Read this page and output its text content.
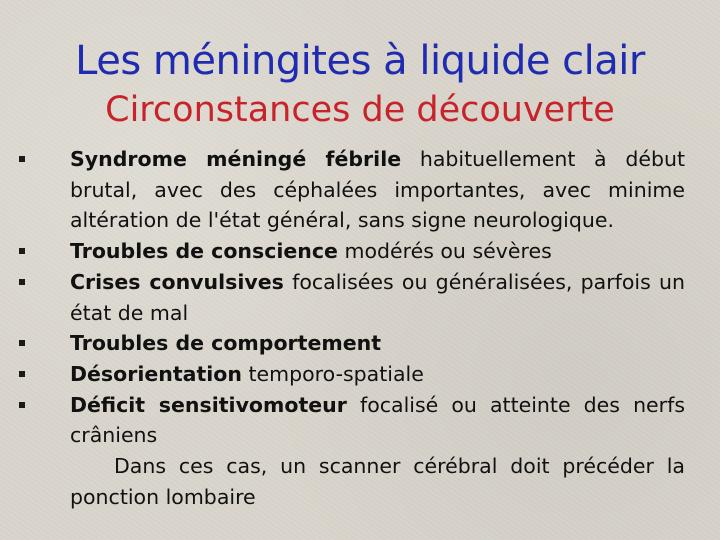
Les méningites à liquide clair
Circonstances de découverte
Syndrome méningé fébrile habituellement à début brutal, avec des céphalées importantes, avec minime altération de l'état général, sans signe neurologique.
Troubles de conscience modérés ou sévères
Crises convulsives focalisées ou généralisées, parfois un état de mal
Troubles de comportement
Désorientation temporo-spatiale
Déficit sensitivomoteur focalisé ou atteinte des nerfs crâniens
Dans ces cas, un scanner cérébral doit précéder la ponction lombaire
